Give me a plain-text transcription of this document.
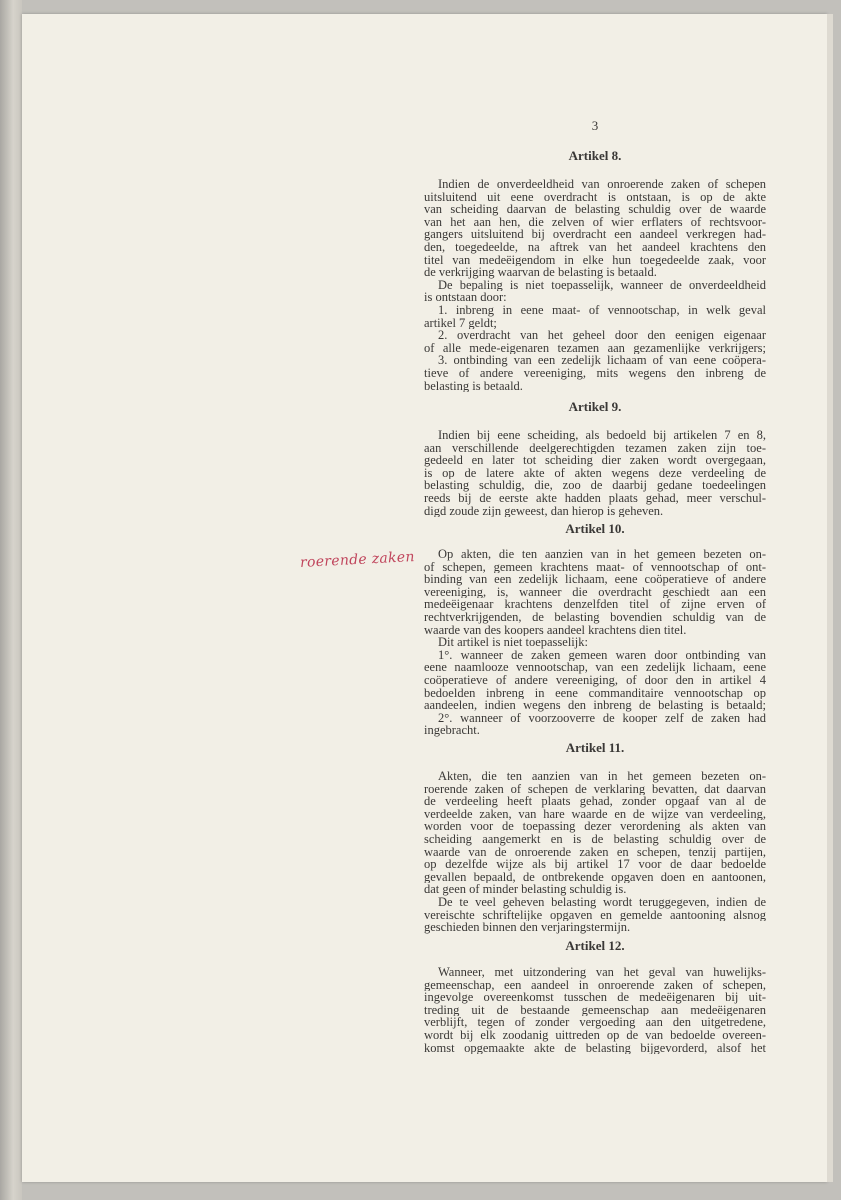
3
roerende zaken
Artikel 8.
Indien de onverdeeldheid van onroerende zaken of schepen
uitsluitend uit eene overdracht is ontstaan, is op de akte
van scheiding daarvan de belasting schuldig over de waarde
van het aan hen, die zelven of wier erflaters of rechtsvoor-
gangers uitsluitend bij overdracht een aandeel verkregen had-
den, toegedeelde, na aftrek van het aandeel krachtens den
titel van medeëigendom in elke hun toegedeelde zaak, voor
de verkrijging waarvan de belasting is betaald.
De bepaling is niet toepasselijk, wanneer de onverdeeldheid
is ontstaan door:
1. inbreng in eene maat- of vennootschap, in welk geval
artikel 7 geldt;
2. overdracht van het geheel door den eenigen eigenaar
of alle mede-eigenaren tezamen aan gezamenlijke verkrijgers;
3. ontbinding van een zedelijk lichaam of van eene coöpera-
tieve of andere vereeniging, mits wegens den inbreng de
belasting is betaald.
Artikel 9.
Indien bij eene scheiding, als bedoeld bij artikelen 7 en 8,
aan verschillende deelgerechtigden tezamen zaken zijn toe-
gedeeld en later tot scheiding dier zaken wordt overgegaan,
is op de latere akte of akten wegens deze verdeeling de
belasting schuldig, die, zoo de daarbij gedane toedeelingen
reeds bij de eerste akte hadden plaats gehad, meer verschul-
digd zoude zijn geweest, dan hierop is geheven.
Artikel 10.
Op akten, die ten aanzien van in het gemeen bezeten on-
of schepen, gemeen krachtens maat- of vennootschap of ont-
binding van een zedelijk lichaam, eene coöperatieve of andere
vereeniging, is, wanneer die overdracht geschiedt aan een
medeëigenaar krachtens denzelfden titel of zijne erven of
rechtverkrijgenden, de belasting bovendien schuldig van de
waarde van des koopers aandeel krachtens dien titel.
Dit artikel is niet toepasselijk:
1°. wanneer de zaken gemeen waren door ontbinding van
eene naamlooze vennootschap, van een zedelijk lichaam, eene
coöperatieve of andere vereeniging, of door den in artikel 4
bedoelden inbreng in eene commanditaire vennootschap op
aandeelen, indien wegens den inbreng de belasting is betaald;
2°. wanneer of voorzooverre de kooper zelf de zaken had
ingebracht.
Artikel 11.
Akten, die ten aanzien van in het gemeen bezeten on-
roerende zaken of schepen de verklaring bevatten, dat daarvan
de verdeeling heeft plaats gehad, zonder opgaaf van al de
verdeelde zaken, van hare waarde en de wijze van verdeeling,
worden voor de toepassing dezer verordening als akten van
scheiding aangemerkt en is de belasting schuldig over de
waarde van de onroerende zaken en schepen, tenzij partijen,
op dezelfde wijze als bij artikel 17 voor de daar bedoelde
gevallen bepaald, de ontbrekende opgaven doen en aantoonen,
dat geen of minder belasting schuldig is.
De te veel geheven belasting wordt teruggegeven, indien de
vereischte schriftelijke opgaven en gemelde aantooning alsnog
geschieden binnen den verjaringstermijn.
Artikel 12.
Wanneer, met uitzondering van het geval van huwelijks-
gemeenschap, een aandeel in onroerende zaken of schepen,
ingevolge overeenkomst tusschen de medeëigenaren bij uit-
treding uit de bestaande gemeenschap aan medeëigenaren
verblijft, tegen of zonder vergoeding aan den uitgetredene,
wordt bij elk zoodanig uittreden op de van bedoelde overeen-
komst opgemaakte akte de belasting bijgevorderd, alsof het
